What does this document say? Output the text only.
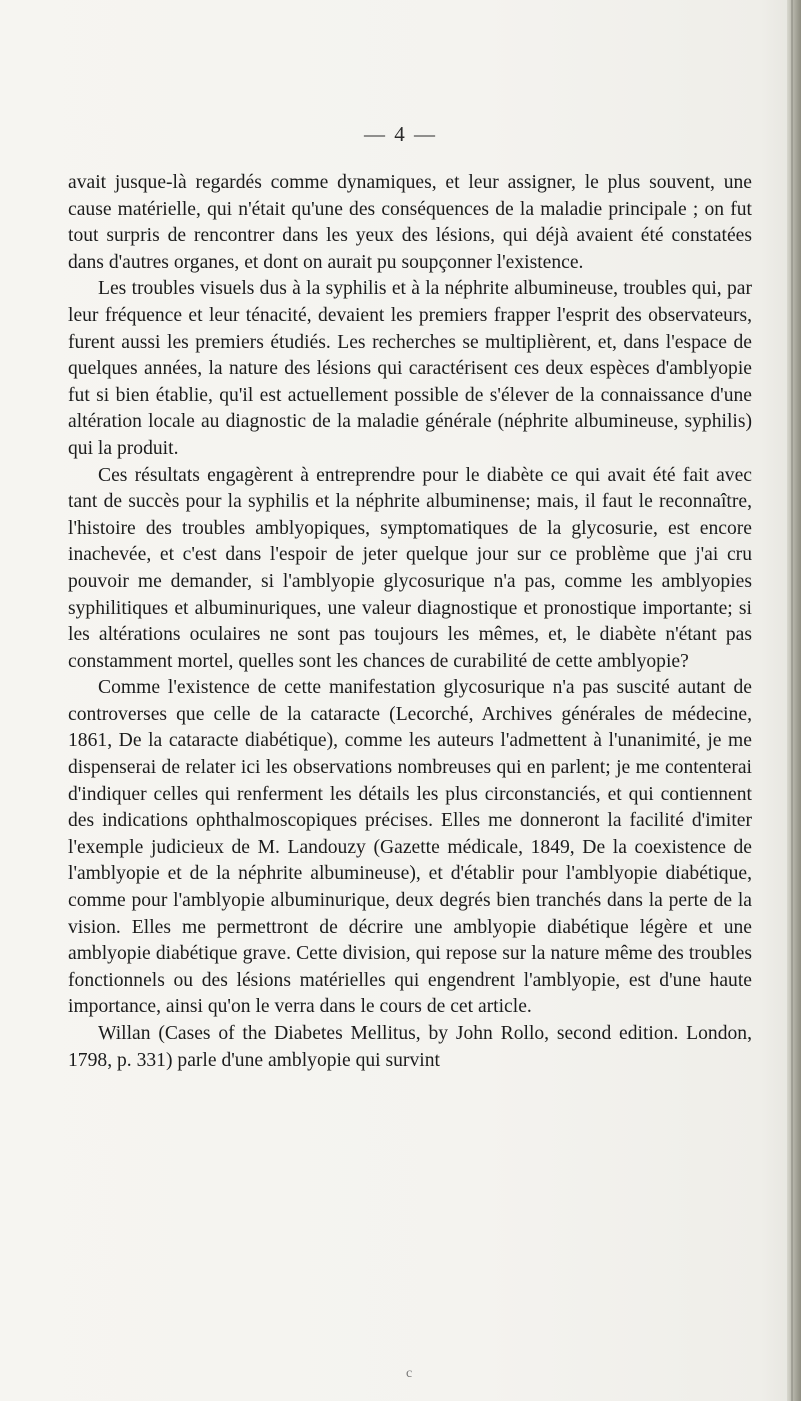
— 4 —

avait jusque-là regardés comme dynamiques, et leur assigner, le plus souvent, une cause matérielle, qui n'était qu'une des conséquences de la maladie principale ; on fut tout surpris de rencontrer dans les yeux des lésions, qui déjà avaient été constatées dans d'autres organes, et dont on aurait pu soupçonner l'existence.

Les troubles visuels dus à la syphilis et à la néphrite albumineuse, troubles qui, par leur fréquence et leur ténacité, devaient les premiers frapper l'esprit des observateurs, furent aussi les premiers étudiés. Les recherches se multiplièrent, et, dans l'espace de quelques années, la nature des lésions qui caractérisent ces deux espèces d'amblyopie fut si bien établie, qu'il est actuellement possible de s'élever de la connaissance d'une altération locale au diagnostic de la maladie générale (néphrite albumineuse, syphilis) qui la produit.

Ces résultats engagèrent à entreprendre pour le diabète ce qui avait été fait avec tant de succès pour la syphilis et la néphrite albuminense; mais, il faut le reconnaître, l'histoire des troubles amblyopiques, symptomatiques de la glycosurie, est encore inachevée, et c'est dans l'espoir de jeter quelque jour sur ce problème que j'ai cru pouvoir me demander, si l'amblyopie glycosurique n'a pas, comme les amblyopies syphilitiques et albuminuriques, une valeur diagnostique et pronostique importante; si les altérations oculaires ne sont pas toujours les mêmes, et, le diabète n'étant pas constamment mortel, quelles sont les chances de curabilité de cette amblyopie?

Comme l'existence de cette manifestation glycosurique n'a pas suscité autant de controverses que celle de la cataracte (Lecorché, Archives générales de médecine, 1861, De la cataracte diabétique), comme les auteurs l'admettent à l'unanimité, je me dispenserai de relater ici les observations nombreuses qui en parlent; je me contenterai d'indiquer celles qui renferment les détails les plus circonstanciés, et qui contiennent des indications ophthalmoscopiques précises. Elles me donneront la facilité d'imiter l'exemple judicieux de M. Landouzy (Gazette médicale, 1849, De la coexistence de l'amblyopie et de la néphrite albumineuse), et d'établir pour l'amblyopie diabétique, comme pour l'amblyopie albuminurique, deux degrés bien tranchés dans la perte de la vision. Elles me permettront de décrire une amblyopie diabétique légère et une amblyopie diabétique grave. Cette division, qui repose sur la nature même des troubles fonctionnels ou des lésions matérielles qui engendrent l'amblyopie, est d'une haute importance, ainsi qu'on le verra dans le cours de cet article.

Willan (Cases of the Diabetes Mellitus, by John Rollo, second edition. London, 1798, p. 331) parle d'une amblyopie qui survint

c
